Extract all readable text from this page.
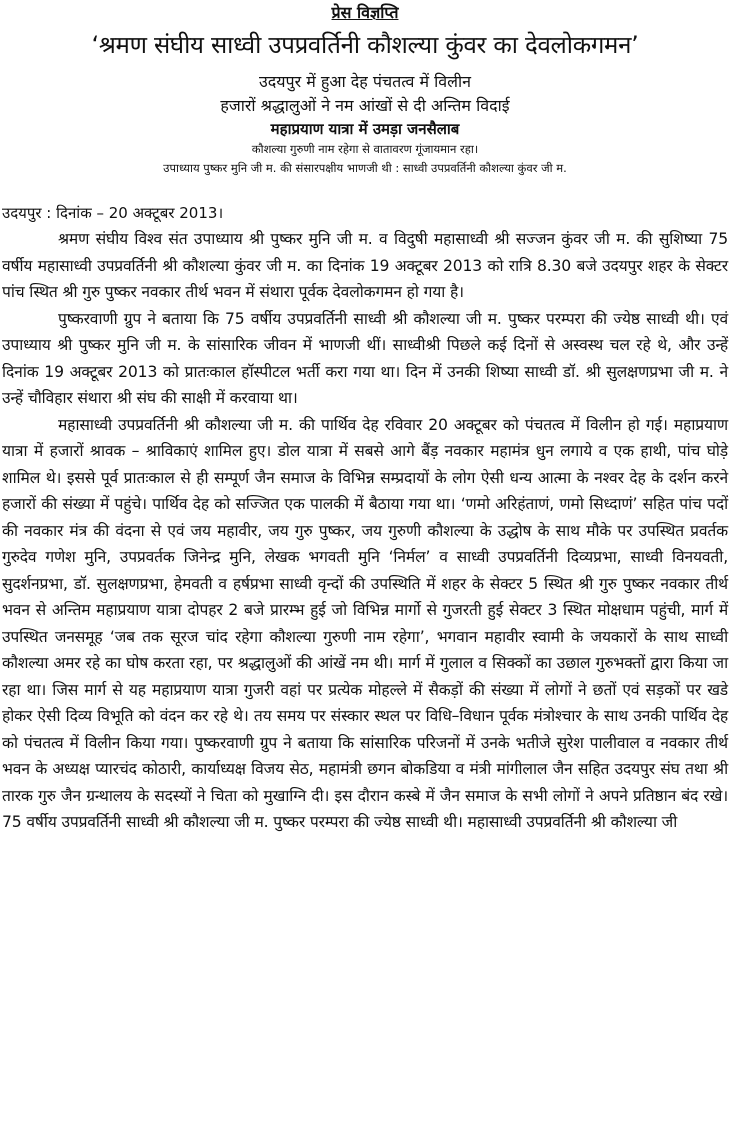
प्रेस विज्ञप्ति
‘श्रमण संघीय साध्वी उपप्रवर्तिनी कौशल्या कुंवर का देवलोकगमन’
उदयपुर में हुआ देह पंचतत्व में विलीन
हजारों श्रद्धालुओं ने नम आंखों से दी अन्तिम विदाई
महाप्रयाण यात्रा में उमड़ा जनसैलाब
कौशल्या गुरुणी नाम रहेगा से वातावरण गूंजायमान रहा।
उपाध्याय पुष्कर मुनि जी म. की संसारपक्षीय भाणजी थी : साध्वी उपप्रवर्तिनी कौशल्या कुंवर जी म.
उदयपुर : दिनांक – 20 अक्टूबर 2013।

श्रमण संघीय विश्व संत उपाध्याय श्री पुष्कर मुनि जी म. व विदुषी महासाध्वी श्री सज्जन कुंवर जी म. की सुशिष्या 75 वर्षीय महासाध्वी उपप्रवर्तिनी श्री कौशल्या कुंवर जी म. का दिनांक 19 अक्टूबर 2013 को रात्रि 8.30 बजे उदयपुर शहर के सेक्टर पांच स्थित श्री गुरु पुष्कर नवकार तीर्थ भवन में संथारा पूर्वक देवलोकगमन हो गया है।

पुष्करवाणी ग्रुप ने बताया कि 75 वर्षीय उपप्रवर्तिनी साध्वी श्री कौशल्या जी म. पुष्कर परम्परा की ज्येष्ठ साध्वी थी। एवं उपाध्याय श्री पुष्कर मुनि जी म. के सांसारिक जीवन में भाणजी थीं। साध्वीश्री पिछले कई दिनों से अस्वस्थ चल रहे थे, और उन्हें दिनांक 19 अक्टूबर 2013 को प्रातःकाल हॉस्पीटल भर्ती करा गया था। दिन में उनकी शिष्या साध्वी डॉ. श्री सुलक्षणप्रभा जी म. ने उन्हें चौविहार संथारा श्री संघ की साक्षी में करवाया था।

महासाध्वी उपप्रवर्तिनी श्री कौशल्या जी म. की पार्थिव देह रविवार 20 अक्टूबर को पंचतत्व में विलीन हो गई। महाप्रयाण यात्रा में हजारों श्रावक – श्राविकाएं शामिल हुए। डोल यात्रा में सबसे आगे बैंड़ नवकार महामंत्र धुन लगाये व एक हाथी, पांच घोड़े शामिल थे। इससे पूर्व प्रातःकाल से ही सम्पूर्ण जैन समाज के विभिन्न सम्प्रदायों के लोग ऐसी धन्य आत्मा के नश्वर देह के दर्शन करने हजारों की संख्या में पहुंचे। पार्थिव देह को सज्जित एक पालकी में बैठाया गया था। ‘णमो अरिहंताणं, णमो सिध्दाणं’ सहित पांच पदों की नवकार मंत्र की वंदना से एवं जय महावीर, जय गुरु पुष्कर, जय गुरुणी कौशल्या के उद्धोष के साथ मौके पर उपस्थित प्रवर्तक गुरुदेव गणेश मुनि, उपप्रवर्तक जिनेन्द्र मुनि, लेखक भगवती मुनि ‘निर्मल’ व साध्वी उपप्रवर्तिनी दिव्यप्रभा, साध्वी विनयवती, सुदर्शनप्रभा, डॉ. सुलक्षणप्रभा, हेमवती व हर्षप्रभा साध्वी वृन्दों की उपस्थिति में शहर के सेक्टर 5 स्थित श्री गुरु पुष्कर नवकार तीर्थ भवन से अन्तिम महाप्रयाण यात्रा दोपहर 2 बजे प्रारम्भ हुई जो विभिन्न मार्गो से गुजरती हुई सेक्टर 3 स्थित मोक्षधाम पहुंची, मार्ग में उपस्थित जनसमूह ‘जब तक सूरज चांद रहेगा कौशल्या गुरुणी नाम रहेगा’, भगवान महावीर स्वामी के जयकारों के साथ साध्वी कौशल्या अमर रहे का घोष करता रहा, पर श्रद्धालुओं की आंखें नम थी। मार्ग में गुलाल व सिक्कों का उछाल गुरुभक्तों द्वारा किया जा रहा था। जिस मार्ग से यह महाप्रयाण यात्रा गुजरी वहां पर प्रत्येक मोहल्ले में सैकड़ों की संख्या में लोगों ने छतों एवं सड़कों पर खडे होकर ऐसी दिव्य विभूति को वंदन कर रहे थे। तय समय पर संस्कार स्थल पर विधि–विधान पूर्वक मंत्रोश्चार के साथ उनकी पार्थिव देह को पंचतत्व में विलीन किया गया। पुष्करवाणी ग्रुप ने बताया कि सांसारिक परिजनों में उनके भतीजे सुरेश पालीवाल व नवकार तीर्थ भवन के अध्यक्ष प्यारचंद कोठारी, कार्याध्यक्ष विजय सेठ, महामंत्री छगन बोकडिया व मंत्री मांगीलाल जैन सहित उदयपुर संघ तथा श्री तारक गुरु जैन ग्रन्थालय के सदस्यों ने चिता को मुखाग्नि दी। इस दौरान कस्बे में जैन समाज के सभी लोगों ने अपने प्रतिष्ठान बंद रखे। 75 वर्षीय उपप्रवर्तिनी साध्वी श्री कौशल्या जी म. पुष्कर परम्परा की ज्येष्ठ साध्वी थी। महासाध्वी उपप्रवर्तिनी श्री कौशल्या जी
